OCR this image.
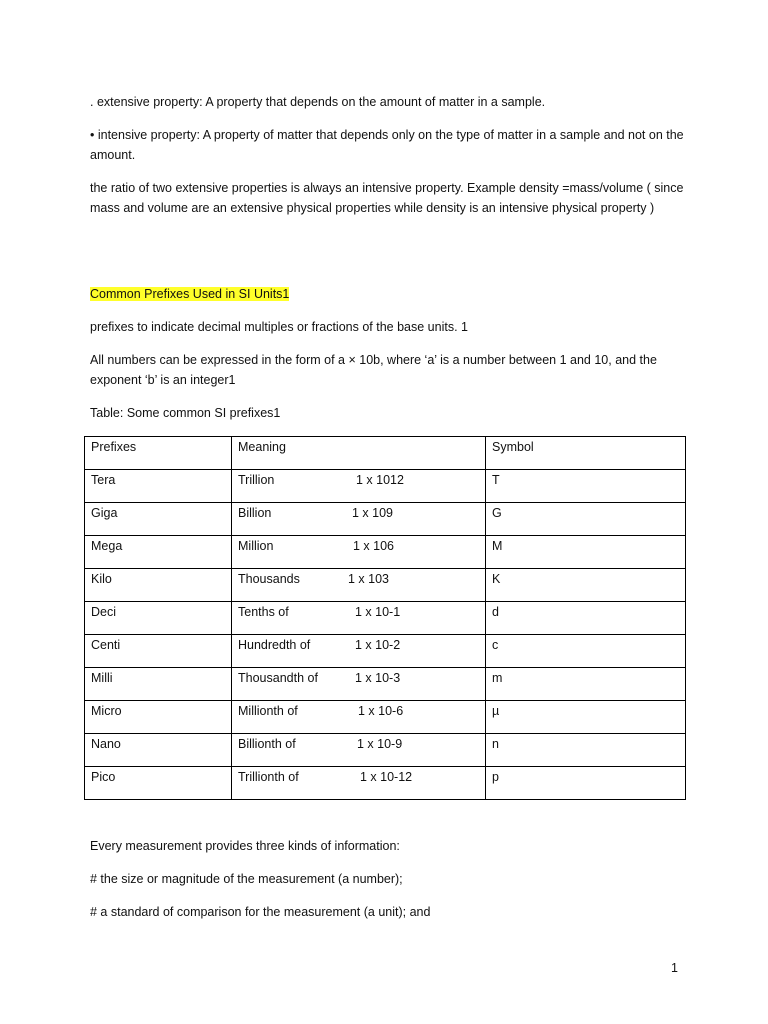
. extensive property: A property that depends on the amount of matter in a sample.

• intensive property: A property of matter that depends only on the type of matter in a sample and not on the amount.

the ratio of two extensive properties is always an intensive property. Example density =mass/volume ( since mass and volume are an extensive physical properties while density is an intensive physical property )

Common Prefixes Used in SI Units1

prefixes to indicate decimal multiples or fractions of the base units. 1

All numbers can be expressed in the form of a × 10b, where ‘a’ is a number between 1 and 10, and the exponent ‘b’ is an integer1

Table: Some common SI prefixes1

Prefixes	Meaning	Symbol
Tera	Trillion 1 x 1012	T
Giga	Billion 1 x 109	G
Mega	Million 1 x 106	M
Kilo	Thousands 1 x 103	K
Deci	Tenths of 1 x 10-1	d
Centi	Hundredth of 1 x 10-2	c
Milli	Thousandth of 1 x 10-3	m
Micro	Millionth of 1 x 10-6	µ
Nano	Billionth of 1 x 10-9	n
Pico	Trillionth of 1 x 10-12	p

Every measurement provides three kinds of information:

# the size or magnitude of the measurement (a number);

# a standard of comparison for the measurement (a unit); and

1
